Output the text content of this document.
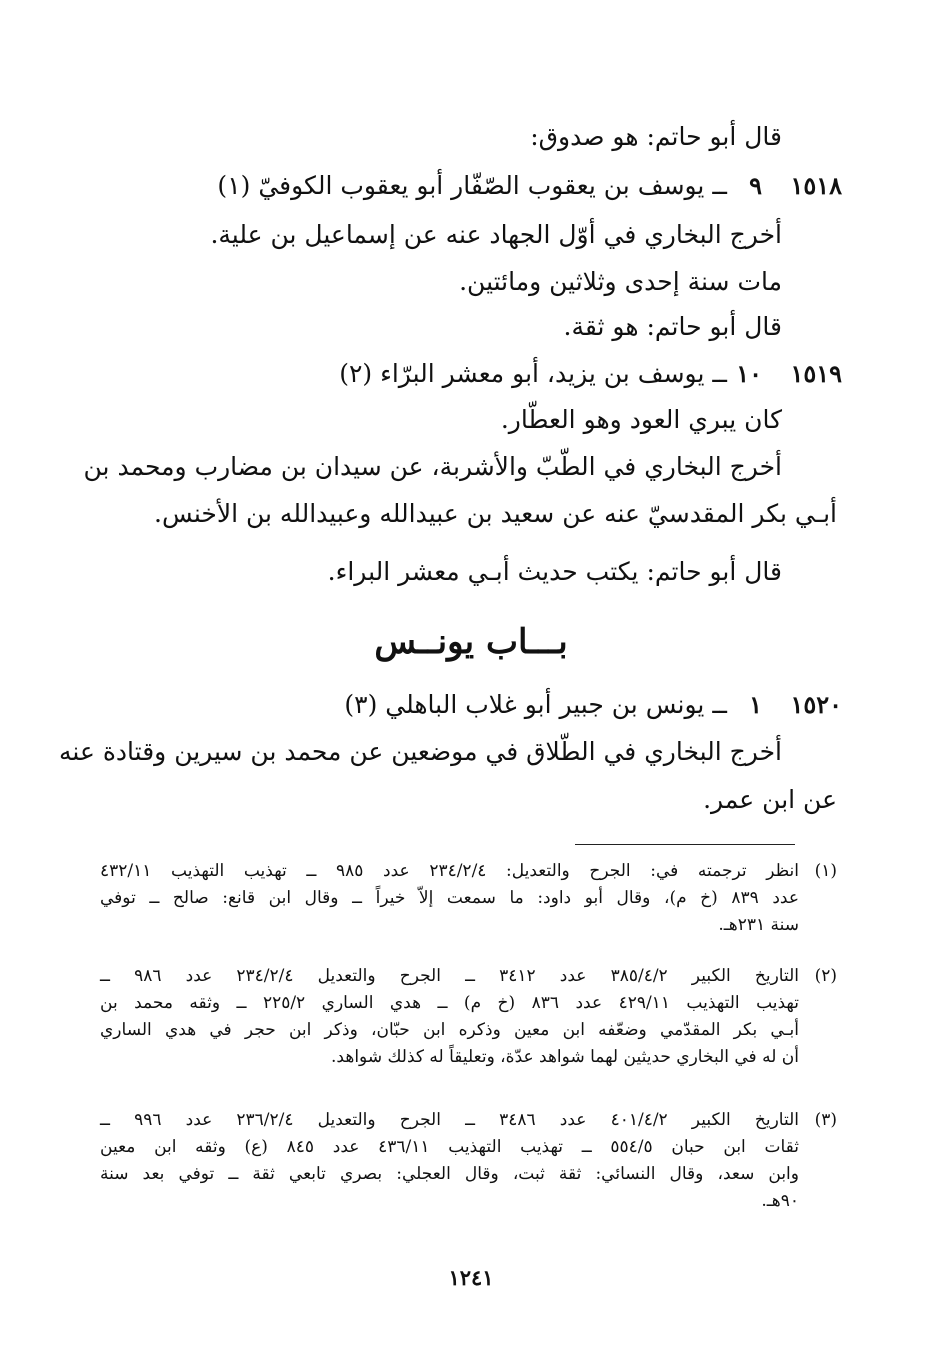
قال أبو حاتم: هو صدوق:
١٥١٨
٩
ــ يوسف بن يعقوب الصّفّار أبو يعقوب الكوفيّ (١)
أخرج البخاري في أوّل الجهاد عنه عن إسماعيل بن علية.
مات سنة إحدى وثلاثين ومائتين.
قال أبو حاتم: هو ثقة.
١٥١٩
١٠
ــ يوسف بن يزيد، أبو معشر البرّاء (٢)
كان يبري العود وهو العطّار.
أخرج البخاري في الطّبّ والأشربة، عن سيدان بن مضارب ومحمد بن
أبـي بكر المقدسيّ عنه عن سعيد بن عبيدالله وعبيدالله بن الأخنس.
قال أبو حاتم: يكتب حديث أبـي معشر البراء.
بـــاب يونــس
١٥٢٠
١
ــ يونس بن جبير أبو غلاب الباهلي (٣)
أخرج البخاري في الطّلاق في موضعين عن محمد بن سيرين وقتادة عنه
عن ابن عمر.
(١)
انظر ترجمته في: الجرح والتعديل: ٢٣٤/٢/٤ عدد ٩٨٥ ــ تهذيب التهذيب ٤٣٢/١١
عدد ٨٣٩ (خ م)، وقال أبو داود: ما سمعت إلاّ خيراً ــ وقال ابن قانع: صالح ــ توفي
سنة ٢٣١هـ.
(٢)
التاريخ الكبير ٣٨٥/٤/٢ عدد ٣٤١٢ ــ الجرح والتعديل ٢٣٤/٢/٤ عدد ٩٨٦ ــ
تهذيب التهذيب ٤٢٩/١١ عدد ٨٣٦ (خ م) ــ هدي الساري ٢٢٥/٢ ــ وثقه محمد بن
أبـي بكر المقدّمي وضعّفه ابن معين وذكره ابن حبّان، وذكر ابن حجر في هدي الساري
أن له في البخاري حديثين لهما شواهد عدّة، وتعليقاً له كذلك شواهد.
(٣)
التاريخ الكبير ٤٠١/٤/٢ عدد ٣٤٨٦ ــ الجرح والتعديل ٢٣٦/٢/٤ عدد ٩٩٦ ــ
ثقات ابن حبان ٥٥٤/٥ ــ تهذيب التهذيب ٤٣٦/١١ عدد ٨٤٥ (ع) وثقه ابن معين
وابن سعد، وقال النسائي: ثقة ثبت، وقال العجلي: بصري تابعي ثقة ــ توفي بعد سنة
٩٠هـ.
١٢٤١
